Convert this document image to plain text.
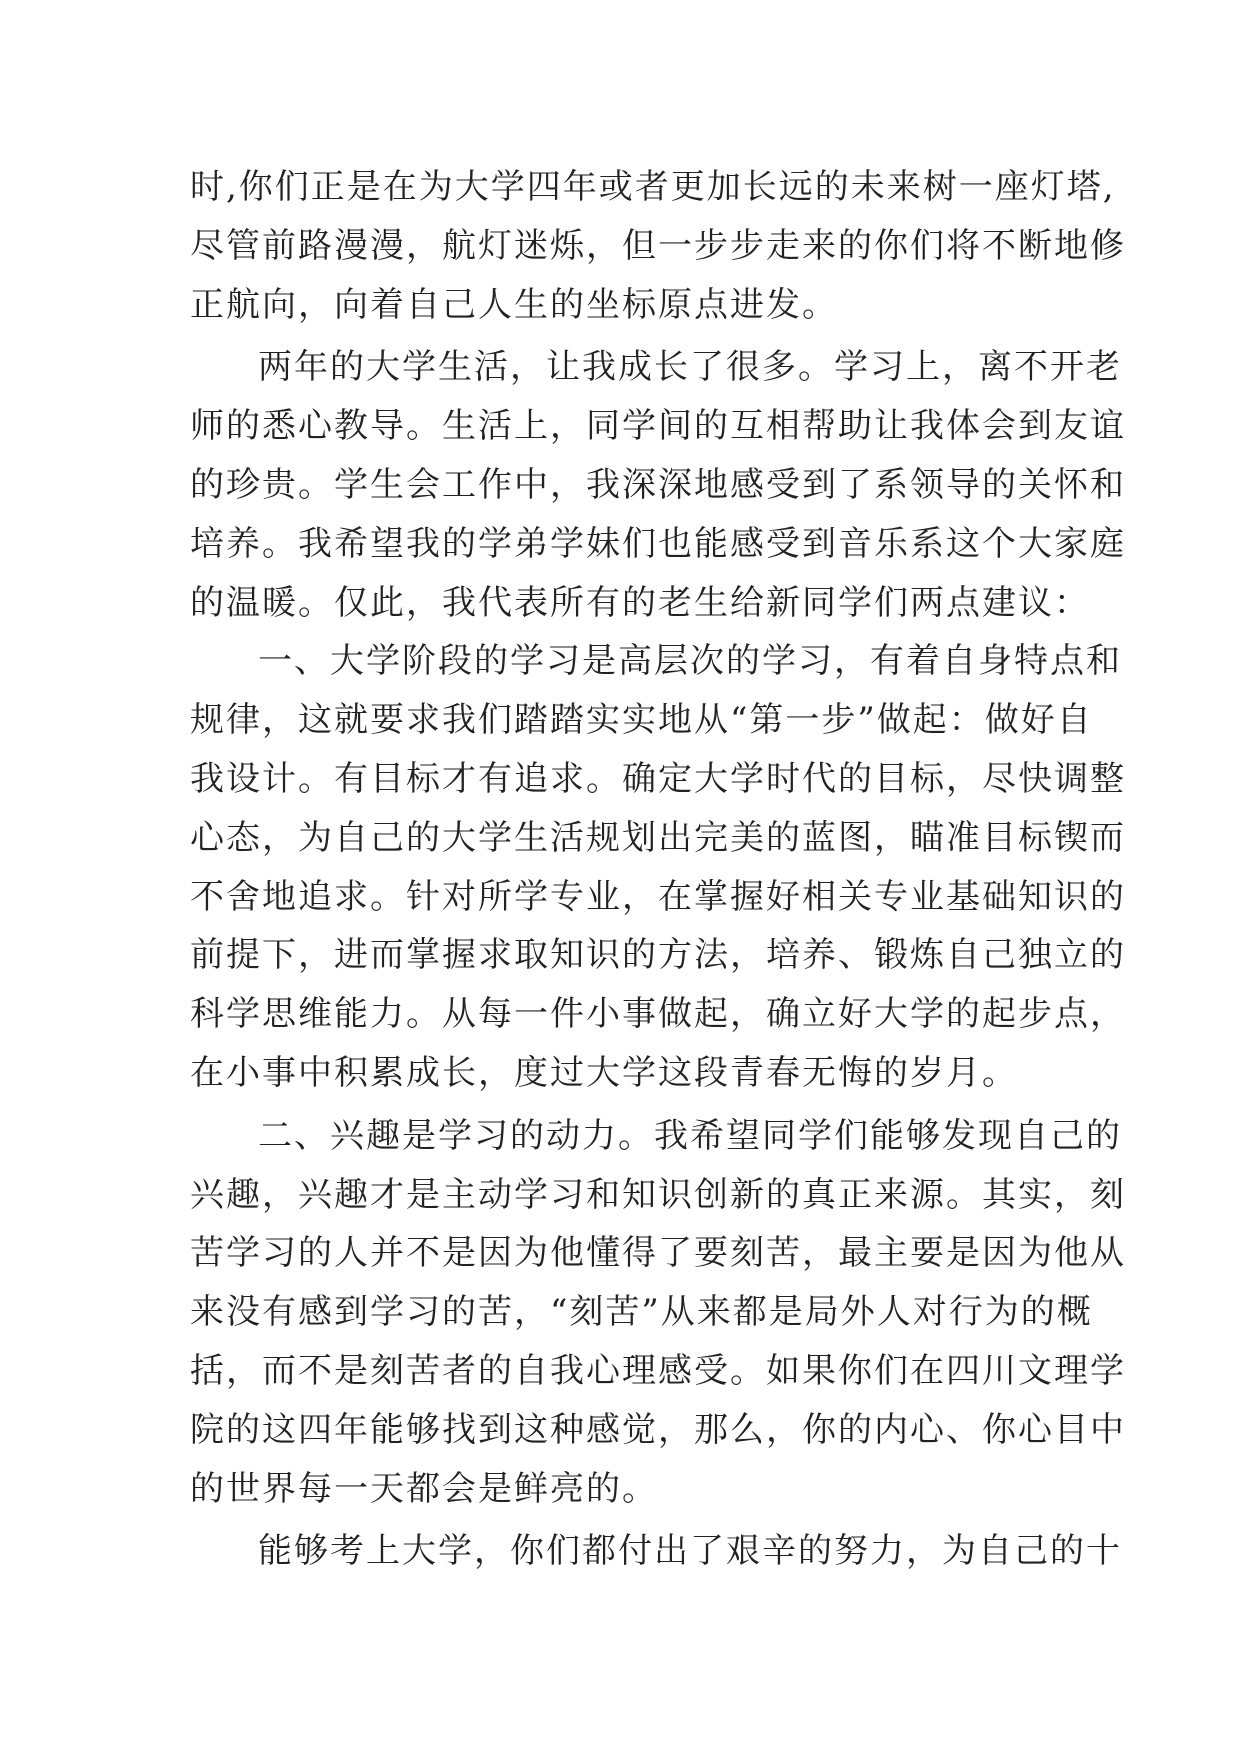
时,你们正是在为大学四年或者更加长远的未来树一座灯塔,
尽管前路漫漫，航灯迷烁，但一步步走来的你们将不断地修
正航向，向着自己人生的坐标原点进发。
两年的大学生活，让我成长了很多。学习上，离不开老
师的悉心教导。生活上，同学间的互相帮助让我体会到友谊
的珍贵。学生会工作中，我深深地感受到了系领导的关怀和
培养。我希望我的学弟学妹们也能感受到音乐系这个大家庭
的温暖。仅此，我代表所有的老生给新同学们两点建议：
一、大学阶段的学习是高层次的学习，有着自身特点和
规律，这就要求我们踏踏实实地从“第一步”做起：做好自
我设计。有目标才有追求。确定大学时代的目标，尽快调整
心态，为自己的大学生活规划出完美的蓝图，瞄准目标锲而
不舍地追求。针对所学专业，在掌握好相关专业基础知识的
前提下，进而掌握求取知识的方法，培养、锻炼自己独立的
科学思维能力。从每一件小事做起，确立好大学的起步点，
在小事中积累成长，度过大学这段青春无悔的岁月。
二、兴趣是学习的动力。我希望同学们能够发现自己的
兴趣，兴趣才是主动学习和知识创新的真正来源。其实，刻
苦学习的人并不是因为他懂得了要刻苦，最主要是因为他从
来没有感到学习的苦，“刻苦”从来都是局外人对行为的概
括，而不是刻苦者的自我心理感受。如果你们在四川文理学
院的这四年能够找到这种感觉，那么，你的内心、你心目中
的世界每一天都会是鲜亮的。
能够考上大学，你们都付出了艰辛的努力，为自己的十
